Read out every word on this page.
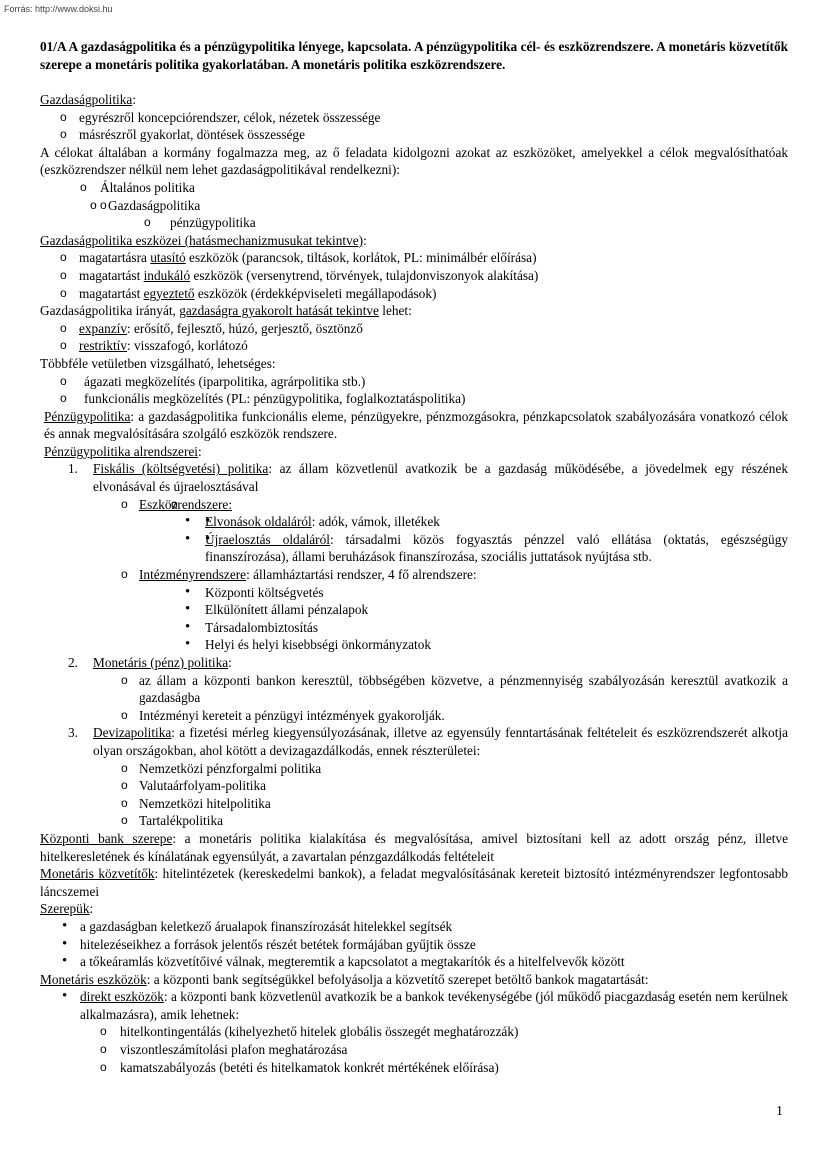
Forrás: http://www.doksi.hu
01/A A gazdaságpolitika és a pénzügypolitika lényege, kapcsolata. A pénzügypolitika cél- és eszközrendszere. A monetáris közvetítők szerepe a monetáris politika gyakorlatában. A monetáris politika eszközrendszere.

Gazdaságpolitika:

o egyrészről koncepciórendszer, célok, nézetek összessége
o másrészről gyakorlat, döntések összessége

A célokat általában a kormány fogalmazza meg, az ő feladata kidolgozni azokat az eszközöket, amelyekkel a célok megvalósíthatóak (eszközrendszer nélkül nem lehet gazdaságpolitikával rendelkezni):

o Általános politika
o o Gazdaságpolitika
o pénzügypolitika

Gazdaságpolitika eszközei (hatásmechanizmusukat tekintve):

o magatartásra utasító eszközök (parancsok, tiltások, korlátok, PL: minimálbér előírása)
o magatartást indukáló eszközök (versenytrend, törvények, tulajdonviszonyok alakítása)
o magatartást egyeztető eszközök (érdekképviseleti megállapodások)

Gazdaságpolitika irányát, gazdaságra gyakorolt hatását tekintve lehet:

o expanzív: erősítő, fejlesztő, húzó, gerjesztő, ösztönző
o restriktív: visszafogó, korlátozó

Többféle vetületben vizsgálható, lehetséges:

o ágazati megközelítés (iparpolitika, agrárpolitika stb.)
o funkcionális megközelítés (PL: pénzügypolitika, foglalkoztatáspolitika)

Pénzügypolitika: a gazdaságpolitika funkcionális eleme, pénzügyekre, pénzmozgásokra, pénzkapcsolatok szabályozására vonatkozó célok és annak megvalósítására szolgáló eszközök rendszere.

Pénzügypolitika alrendszerei:

1. Fiskális (költségvetési) politika: az állam közvetlenül avatkozik be a gazdaság működésébe, a jövedelmek egy részének elvonásával és újraelosztásával
o o Eszközrendszere:
• • Elvonások oldaláról: adók, vámok, illetékek
• • Újraelosztás oldaláról: társadalmi közös fogyasztás pénzzel való ellátása (oktatás, egészségügy finanszírozása), állami beruházások finanszírozása, szociális juttatások nyújtása stb.
o Intézményrendszere: államháztartási rendszer, 4 fő alrendszere:
• Központi költségvetés
• Elkülönített állami pénzalapok
• Társadalombiztosítás
• Helyi és helyi kisebbségi önkormányzatok
2. Monetáris (pénz) politika:
o az állam a központi bankon keresztül, többségében közvetve, a pénzmennyiség szabályozásán keresztül avatkozik a gazdaságba
o Intézményi kereteit a pénzügyi intézmények gyakorolják.
3. Devizapolitika: a fizetési mérleg kiegyensúlyozásának, illetve az egyensúly fenntartásának feltételeit és eszközrendszerét alkotja olyan országokban, ahol kötött a devizagazdálkodás, ennek részterületei:
o Nemzetközi pénzforgalmi politika
o Valutaárfolyam-politika
o Nemzetközi hitelpolitika
o Tartalékpolitika

Központi bank szerepe: a monetáris politika kialakítása és megvalósítása, amivel biztosítani kell az adott ország pénz, illetve hitelkeresletének és kínálatának egyensúlyát, a zavartalan pénzgazdálkodás feltételeit

Monetáris közvetítők: hitelintézetek (kereskedelmi bankok), a feladat megvalósításának kereteit biztosító intézményrendszer legfontosabb láncszemei

Szerepük:

• a gazdaságban keletkező árualapok finanszírozását hitelekkel segítsék
• hitelezéseikhez a források jelentős részét betétek formájában gyűjtik össze
• a tőkeáramlás közvetítőivé válnak, megteremtik a kapcsolatot a megtakarítók és a hitelfelvevők között

Monetáris eszközök: a központi bank segítségükkel befolyásolja a közvetítő szerepet betöltő bankok magatartását:

• direkt eszközök: a központi bank közvetlenül avatkozik be a bankok tevékenységébe (jól működő piacgazdaság esetén nem kerülnek alkalmazásra), amik lehetnek:
o hitelkontingentálás (kihelyezhető hitelek globális összegét meghatározzák)
o viszontleszámítolási plafon meghatározása
o kamatszabályozás (betéti és hitelkamatok konkrét mértékének előírása)
1
